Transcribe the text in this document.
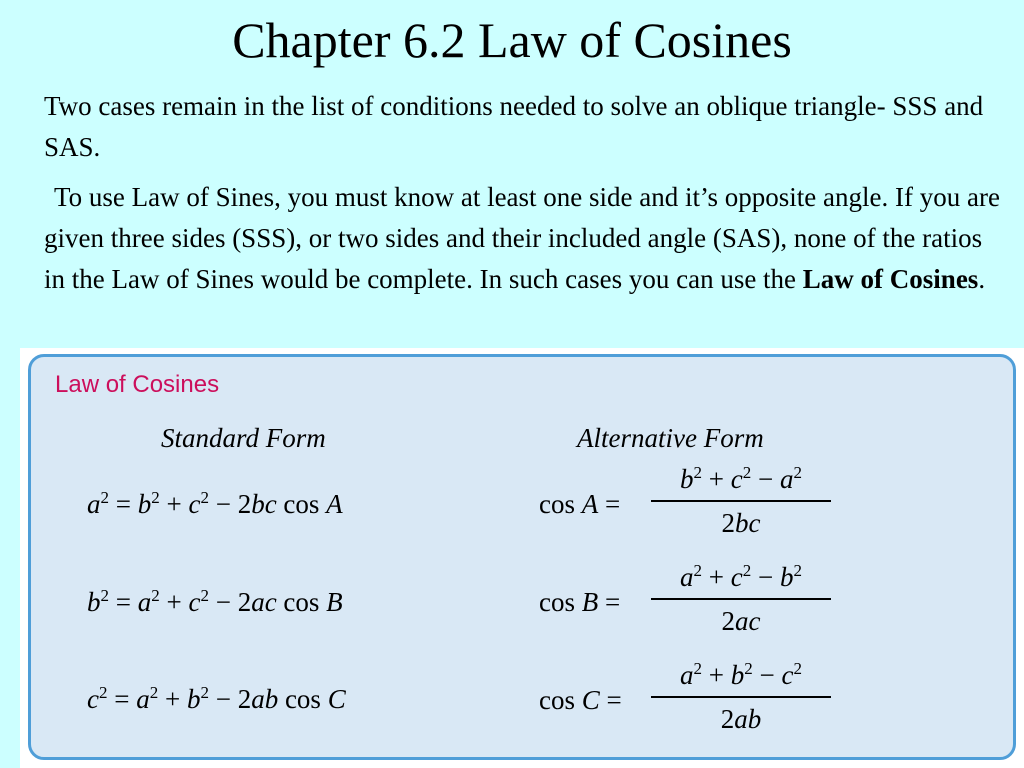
Chapter 6.2 Law of Cosines
Two cases remain in the list of conditions needed to solve an oblique triangle- SSS and SAS.
To use Law of Sines, you must know at least one side and it’s opposite angle. If you are given three sides (SSS), or two sides and their included angle (SAS), none of the ratios in the Law of Sines would be complete. In such cases you can use the Law of Cosines.
Law of Cosines
Standard Form	Alternative Form
$a^2 = b^2 + c^2 - 2bc$ cos A
$b^2 = a^2 + c^2 - 2ac$ cos B
$c^2 = a^2 + b^2 - 2ab$ cos C
cos A =
$b^2 + c^2 - a^2$
2bc
cos B =
$a^2 + c^2 - b^2$
2ac
cos C =
$a^2 + b^2 - c^2$
2ab
